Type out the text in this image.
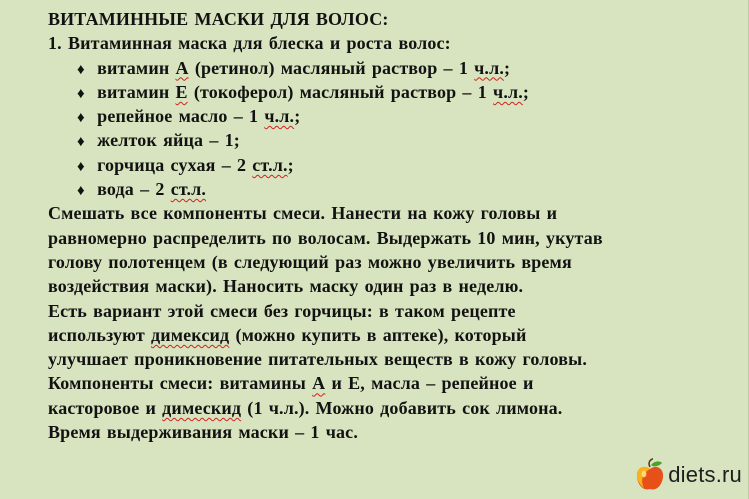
ВИТАМИННЫЕ МАСКИ ДЛЯ ВОЛОС:
1. Витаминная маска для блеска и роста волос:
♦ витамин А (ретинол) масляный раствор – 1 ч.л.;
♦ витамин Е (токоферол) масляный раствор – 1 ч.л.;
♦ репейное масло – 1 ч.л.;
♦ желток яйца – 1;
♦ горчица сухая – 2 ст.л.;
♦ вода – 2 ст.л.
Смешать все компоненты смеси. Нанести на кожу головы и
равномерно распределить по волосам. Выдержать 10 мин, укутав
голову полотенцем (в следующий раз можно увеличить время
воздействия маски). Наносить маску один раз в неделю.
Есть вариант этой смеси без горчицы: в таком рецепте
используют димексид (можно купить в аптеке), который
улучшает проникновение питательных веществ в кожу головы.
Компоненты смеси: витамины А и Е, масла – репейное и
касторовое и димескид (1 ч.л.). Можно добавить сок лимона.
Время выдерживания маски – 1 час.
diets.ru
